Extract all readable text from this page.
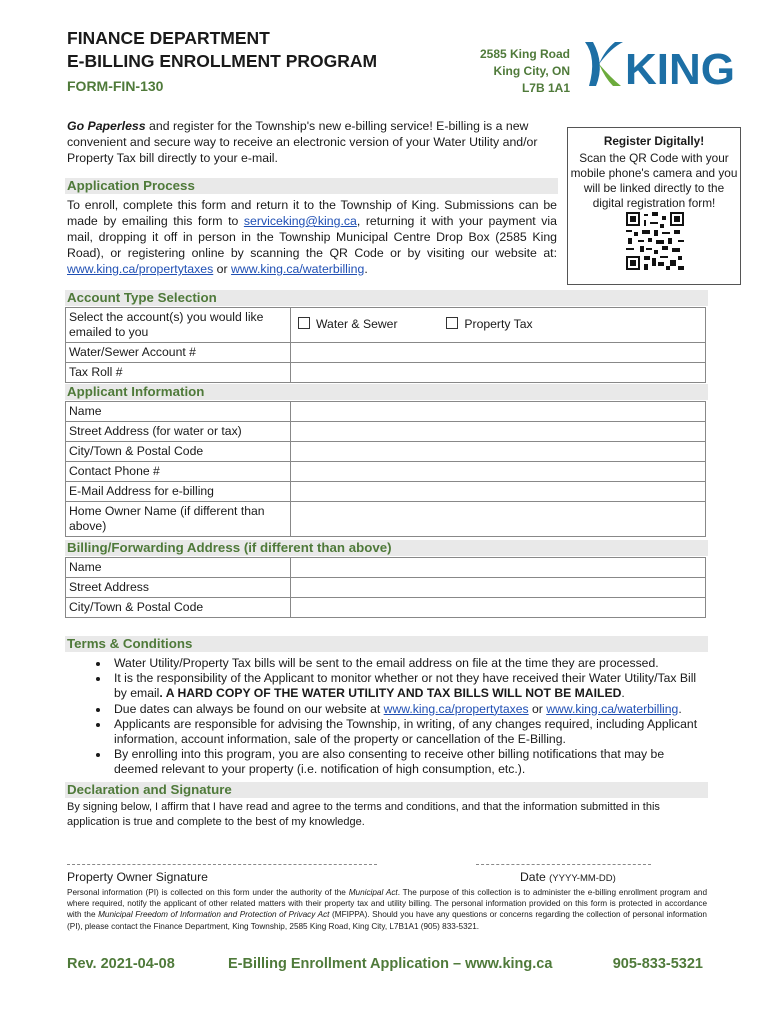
FINANCE DEPARTMENT
E-BILLING ENROLLMENT PROGRAM
FORM-FIN-130
2585 King Road
King City, ON
L7B 1A1 KING
Go Paperless and register for the Township's new e-billing service! E-billing is a new convenient and secure way to receive an electronic version of your Water Utility and/or Property Tax bill directly to your e-mail.
Register Digitally!
Scan the QR Code with your mobile phone's camera and you will be linked directly to the digital registration form!
Application Process
To enroll, complete this form and return it to the Township of King. Submissions can be made by emailing this form to serviceking@king.ca, returning it with your payment via mail, dropping it off in person in the Township Municipal Centre Drop Box (2585 King Road), or registering online by scanning the QR Code or by visiting our website at: www.king.ca/propertytaxes or www.king.ca/waterbilling.
Account Type Selection
Select the account(s) you would like emailed to you	Water & Sewer Property Tax
Water/Sewer Account #	
Tax Roll #	
Applicant Information
Name	
Street Address (for water or tax)	
City/Town & Postal Code	
Contact Phone #	
E-Mail Address for e-billing	
Home Owner Name (if different than above)	
Billing/Forwarding Address (if different than above)
Name	
Street Address	
City/Town & Postal Code	
Terms & Conditions
• Water Utility/Property Tax bills will be sent to the email address on file at the time they are processed.
• It is the responsibility of the Applicant to monitor whether or not they have received their Water Utility/Tax Bill by email. A HARD COPY OF THE WATER UTILITY AND TAX BILLS WILL NOT BE MAILED.
• Due dates can always be found on our website at www.king.ca/propertytaxes or www.king.ca/waterbilling.
• Applicants are responsible for advising the Township, in writing, of any changes required, including Applicant information, account information, sale of the property or cancellation of the E-Billing.
• By enrolling into this program, you are also consenting to receive other billing notifications that may be deemed relevant to your property (i.e. notification of high consumption, etc.).
Declaration and Signature
By signing below, I affirm that I have read and agree to the terms and conditions, and that the information submitted in this application is true and complete to the best of my knowledge.
Property Owner Signature	Date (YYYY-MM-DD)
Personal information (PI) is collected on this form under the authority of the Municipal Act. The purpose of this collection is to administer the e-billing enrollment program and where required, notify the applicant of other related matters with their property tax and utility billing. The personal information provided on this form is protected in accordance with the Municipal Freedom of Information and Protection of Privacy Act (MFIPPA). Should you have any questions or concerns regarding the collection of personal information (PI), please contact the Finance Department, King Township, 2585 King Road, King City, L7B1A1 (905) 833-5321.
Rev. 2021-04-08	E-Billing Enrollment Application – www.king.ca	905-833-5321
